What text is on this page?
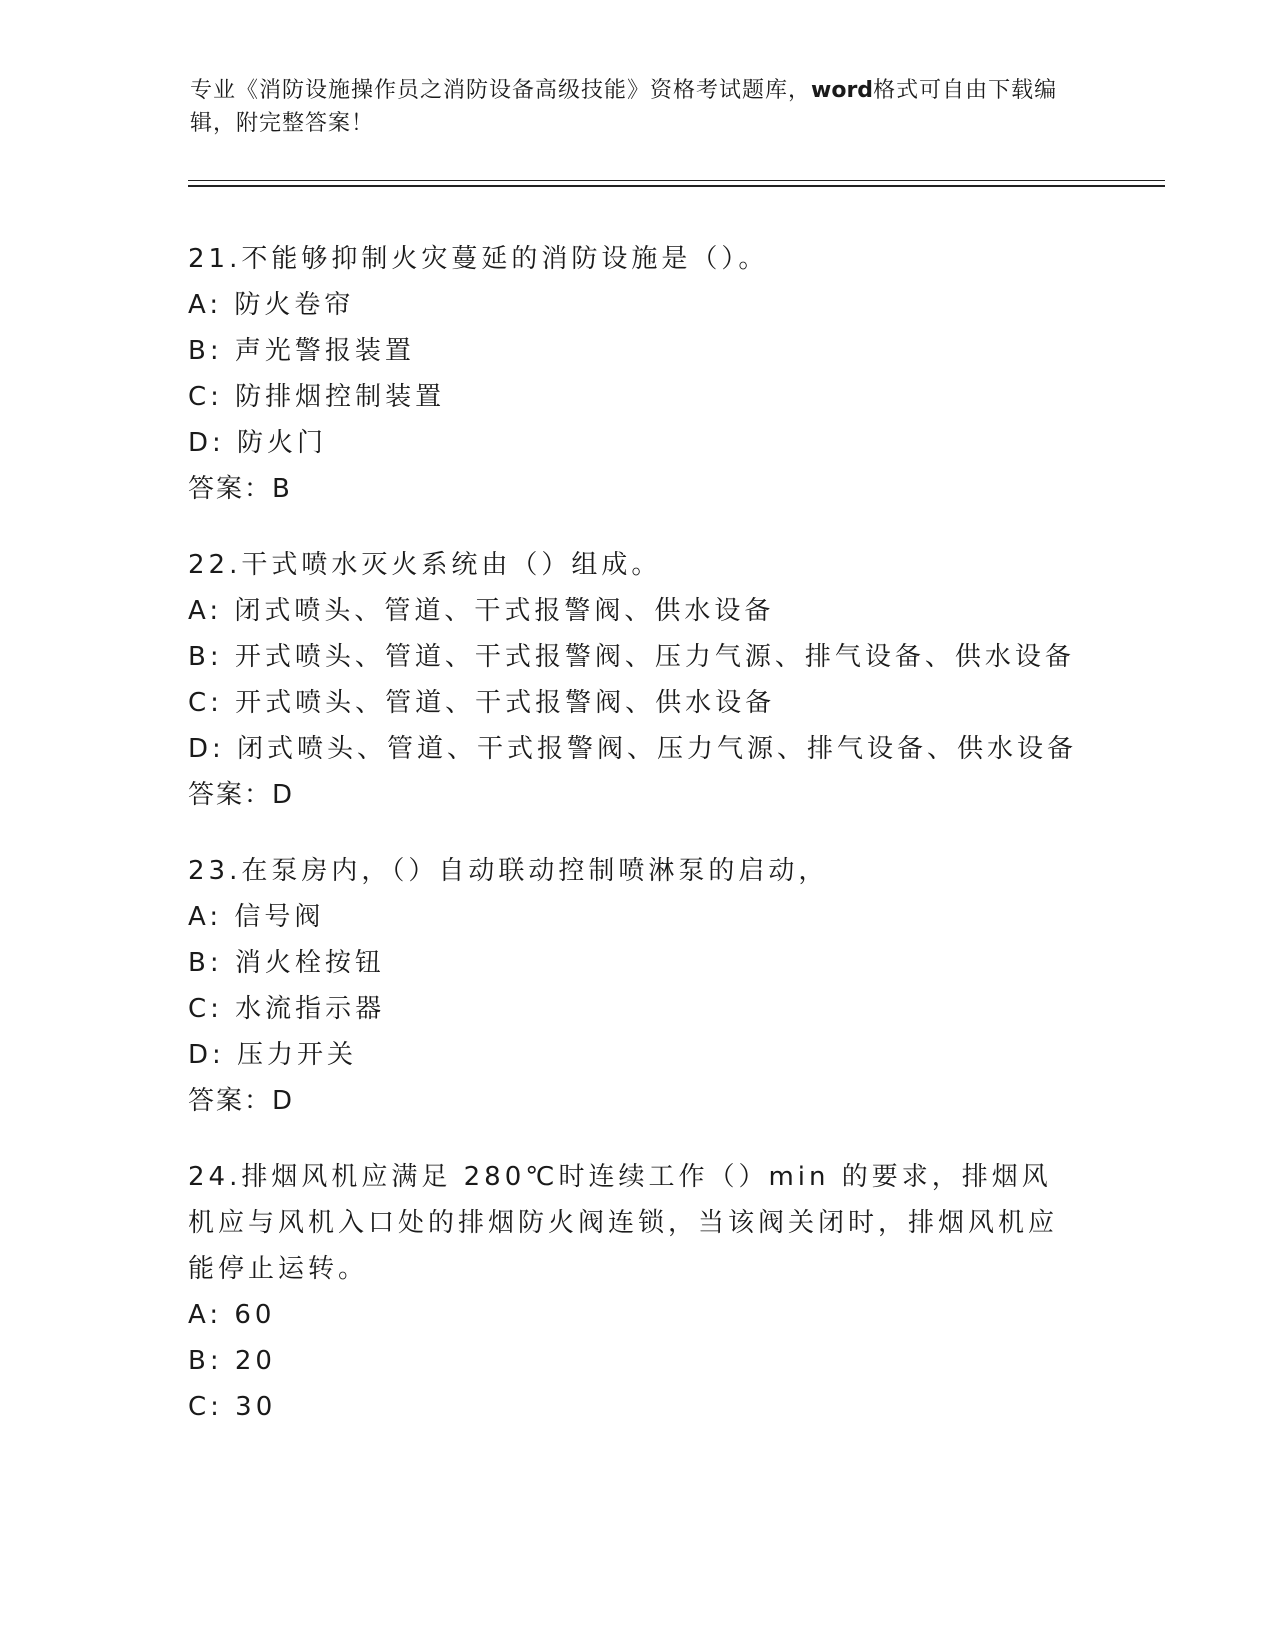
专业《消防设施操作员之消防设备高级技能》资格考试题库，word格式可自由下载编辑，附完整答案！
21.不能够抑制火灾蔓延的消防设施是（）。
A: 防火卷帘
B: 声光警报装置
C: 防排烟控制装置
D: 防火门
答案：B
22.干式喷水灭火系统由（）组成。
A: 闭式喷头、管道、干式报警阀、供水设备
B: 开式喷头、管道、干式报警阀、压力气源、排气设备、供水设备
C: 开式喷头、管道、干式报警阀、供水设备
D: 闭式喷头、管道、干式报警阀、压力气源、排气设备、供水设备
答案：D
23.在泵房内，（）自动联动控制喷淋泵的启动，
A: 信号阀
B: 消火栓按钮
C: 水流指示器
D: 压力开关
答案：D
24.排烟风机应满足 280℃时连续工作（）min 的要求，排烟风机应与风机入口处的排烟防火阀连锁，当该阀关闭时，排烟风机应能停止运转。
A: 60
B: 20
C: 30
